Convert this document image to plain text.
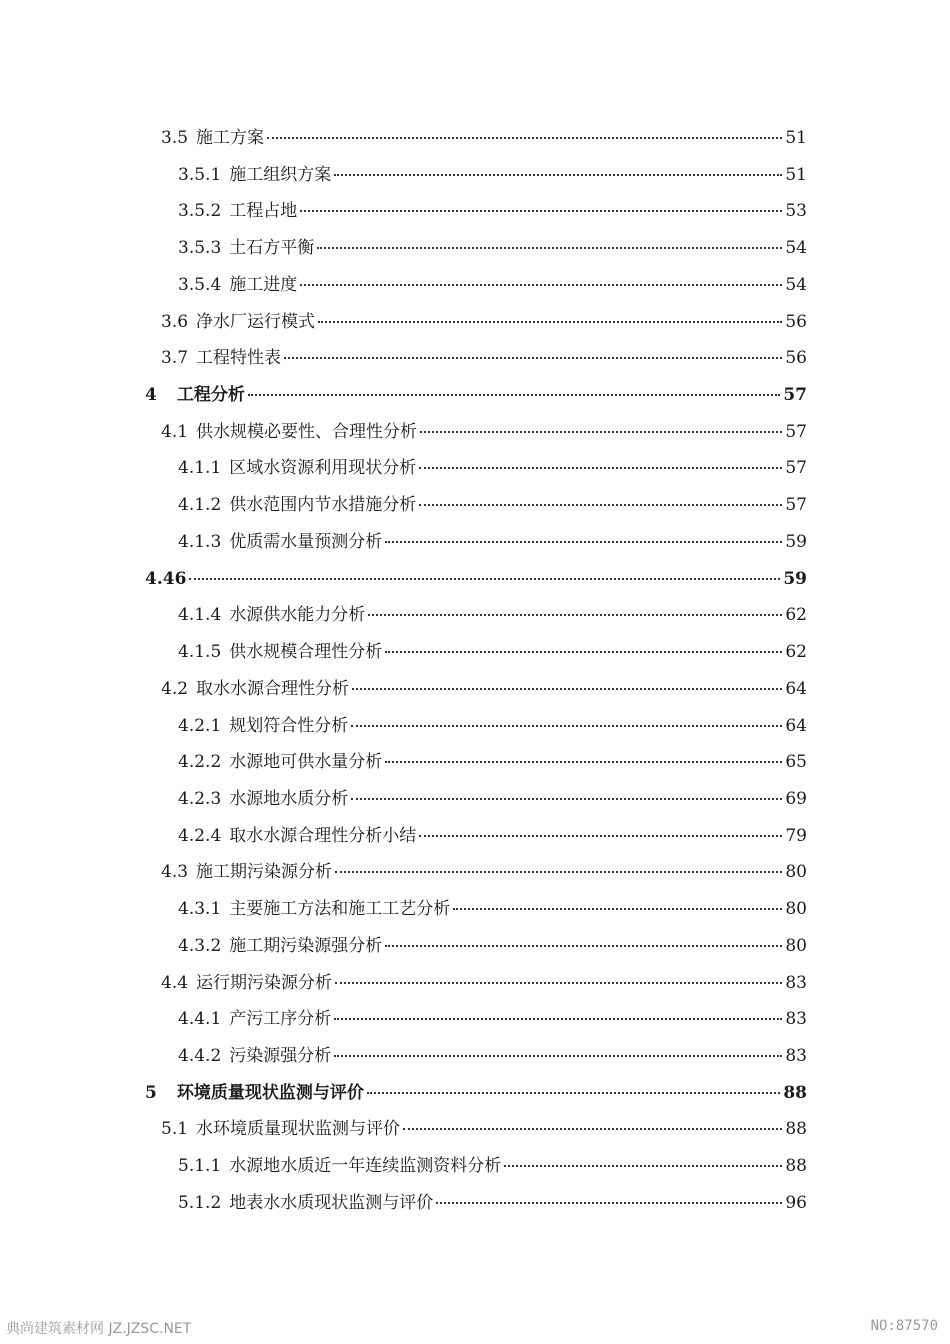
3.5 施工方案	51
3.5.1 施工组织方案	51
3.5.2 工程占地	53
3.5.3 土石方平衡	54
3.5.4 施工进度	54
3.6 净水厂运行模式	56
3.7 工程特性表	56
4 工程分析	57
4.1 供水规模必要性、合理性分析	57
4.1.1 区域水资源利用现状分析	57
4.1.2 供水范围内节水措施分析	57
4.1.3 优质需水量预测分析	59
4.46	59
4.1.4 水源供水能力分析	62
4.1.5 供水规模合理性分析	62
4.2 取水水源合理性分析	64
4.2.1 规划符合性分析	64
4.2.2 水源地可供水量分析	65
4.2.3 水源地水质分析	69
4.2.4 取水水源合理性分析小结	79
4.3 施工期污染源分析	80
4.3.1 主要施工方法和施工工艺分析	80
4.3.2 施工期污染源强分析	80
4.4 运行期污染源分析	83
4.4.1 产污工序分析	83
4.4.2 污染源强分析	83
5 环境质量现状监测与评价	88
5.1 水环境质量现状监测与评价	88
5.1.1 水源地水质近一年连续监测资料分析	88
5.1.2 地表水水质现状监测与评价	96
典尚建筑素材网 JZ.JZSC.NET	NO:87570
